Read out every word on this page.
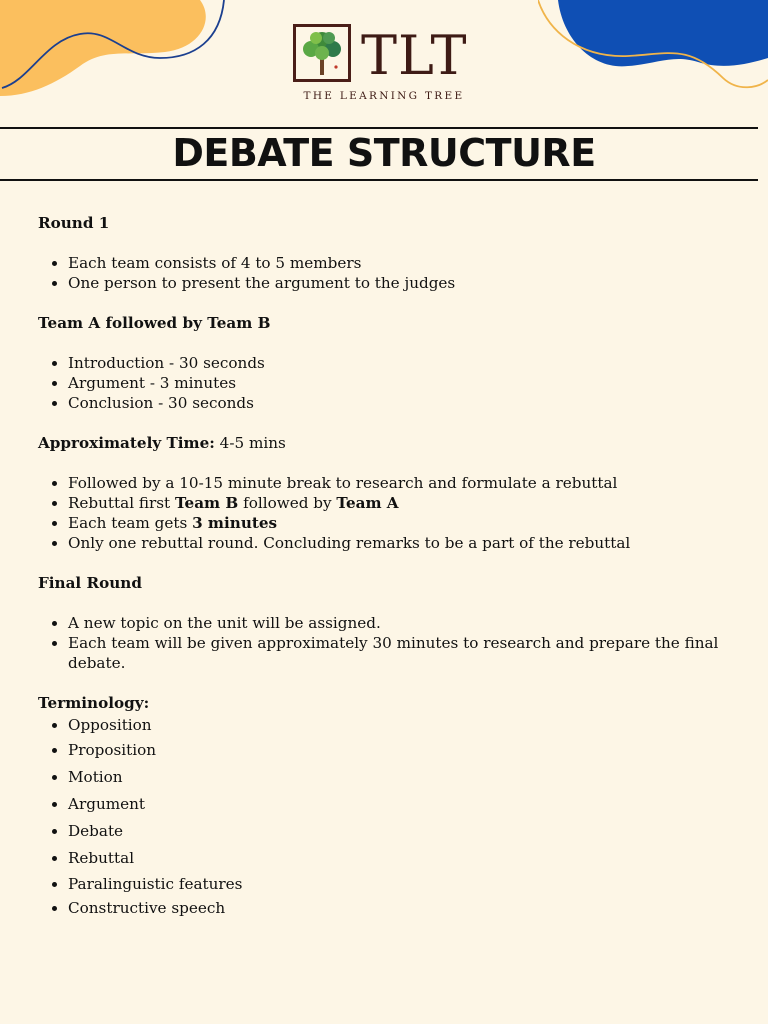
TLT
THE LEARNING TREE
DEBATE STRUCTURE

Round 1

• Each team consists of 4 to 5 members
• One person to present the argument to the judges

Team A followed by Team B

• Introduction - 30 seconds
• Argument - 3 minutes
• Conclusion - 30 seconds

Approximately Time: 4-5 mins

• Followed by a 10-15 minute break to research and formulate a rebuttal
• Rebuttal first Team B followed by Team A
• Each team gets 3 minutes
• Only one rebuttal round. Concluding remarks to be a part of the rebuttal

Final Round

• A new topic on the unit will be assigned.
• Each team will be given approximately 30 minutes to research and prepare the final debate.

Terminology:

• Opposition
• Proposition
• Motion
• Argument
• Debate
• Rebuttal
• Paralinguistic features
• Constructive speech
